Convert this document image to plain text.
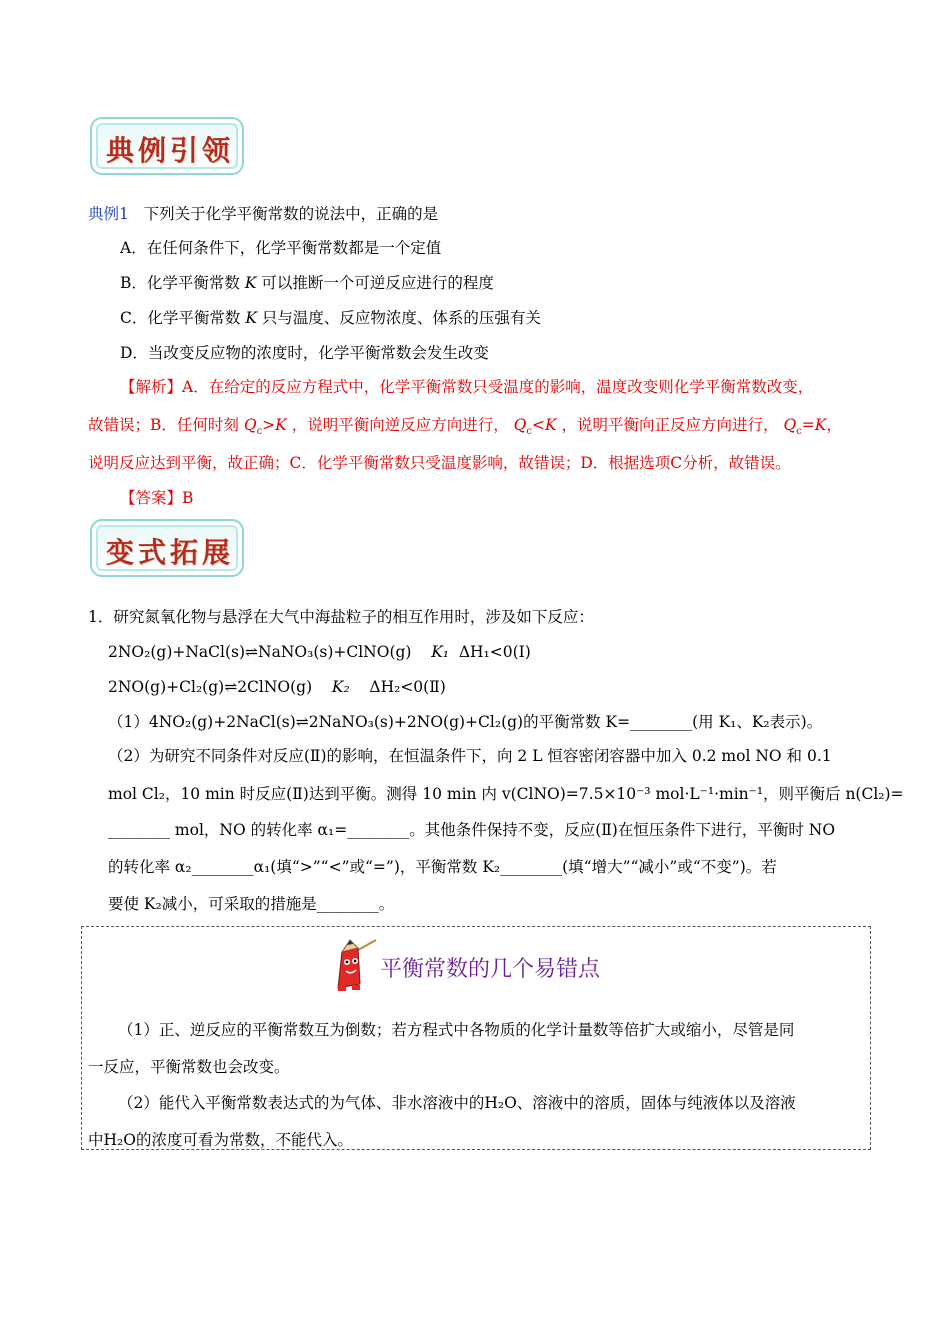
典例引领
典例1 下列关于化学平衡常数的说法中，正确的是
A．在任何条件下，化学平衡常数都是一个定值
B．化学平衡常数 K 可以推断一个可逆反应进行的程度
C．化学平衡常数 K 只与温度、反应物浓度、体系的压强有关
D．当改变反应物的浓度时，化学平衡常数会发生改变
【解析】A．在给定的反应方程式中，化学平衡常数只受温度的影响，温度改变则化学平衡常数改变，
故错误；B．任何时刻 $Q_c>K$ ，说明平衡向逆反应方向进行， $Q_c<K$ ，说明平衡向正反应方向进行， $Q_c=K$，
说明反应达到平衡，故正确；C．化学平衡常数只受温度影响，故错误；D．根据选项C分析，故错误。
【答案】B
变式拓展
1．研究氮氧化物与悬浮在大气中海盐粒子的相互作用时，涉及如下反应：
2NO₂(g)+NaCl(s)⇌NaNO₃(s)+ClNO(g) K₁ ΔH₁<0(Ⅰ)
2NO(g)+Cl₂(g)⇌2ClNO(g) K₂ ΔH₂<0(Ⅱ)
（1）4NO₂(g)+2NaCl(s)⇌2NaNO₃(s)+2NO(g)+Cl₂(g)的平衡常数 K=________(用 K₁、K₂表示)。
（2）为研究不同条件对反应(Ⅱ)的影响，在恒温条件下，向 2 L 恒容密闭容器中加入 0.2 mol NO 和 0.1
mol Cl₂，10 min 时反应(Ⅱ)达到平衡。测得 10 min 内 v(ClNO)=7.5×10⁻³ mol·L⁻¹·min⁻¹，则平衡后 n(Cl₂)=
________ mol，NO 的转化率 α₁=________。其他条件保持不变，反应(Ⅱ)在恒压条件下进行，平衡时 NO
的转化率 α₂________α₁(填“>”“<”或“=”)，平衡常数 K₂________(填“增大”“减小”或“不变”)。若
要使 K₂减小，可采取的措施是________。
平衡常数的几个易错点
（1）正、逆反应的平衡常数互为倒数；若方程式中各物质的化学计量数等倍扩大或缩小，尽管是同
一反应，平衡常数也会改变。
（2）能代入平衡常数表达式的为气体、非水溶液中的H₂O、溶液中的溶质，固体与纯液体以及溶液
中H₂O的浓度可看为常数，不能代入。
